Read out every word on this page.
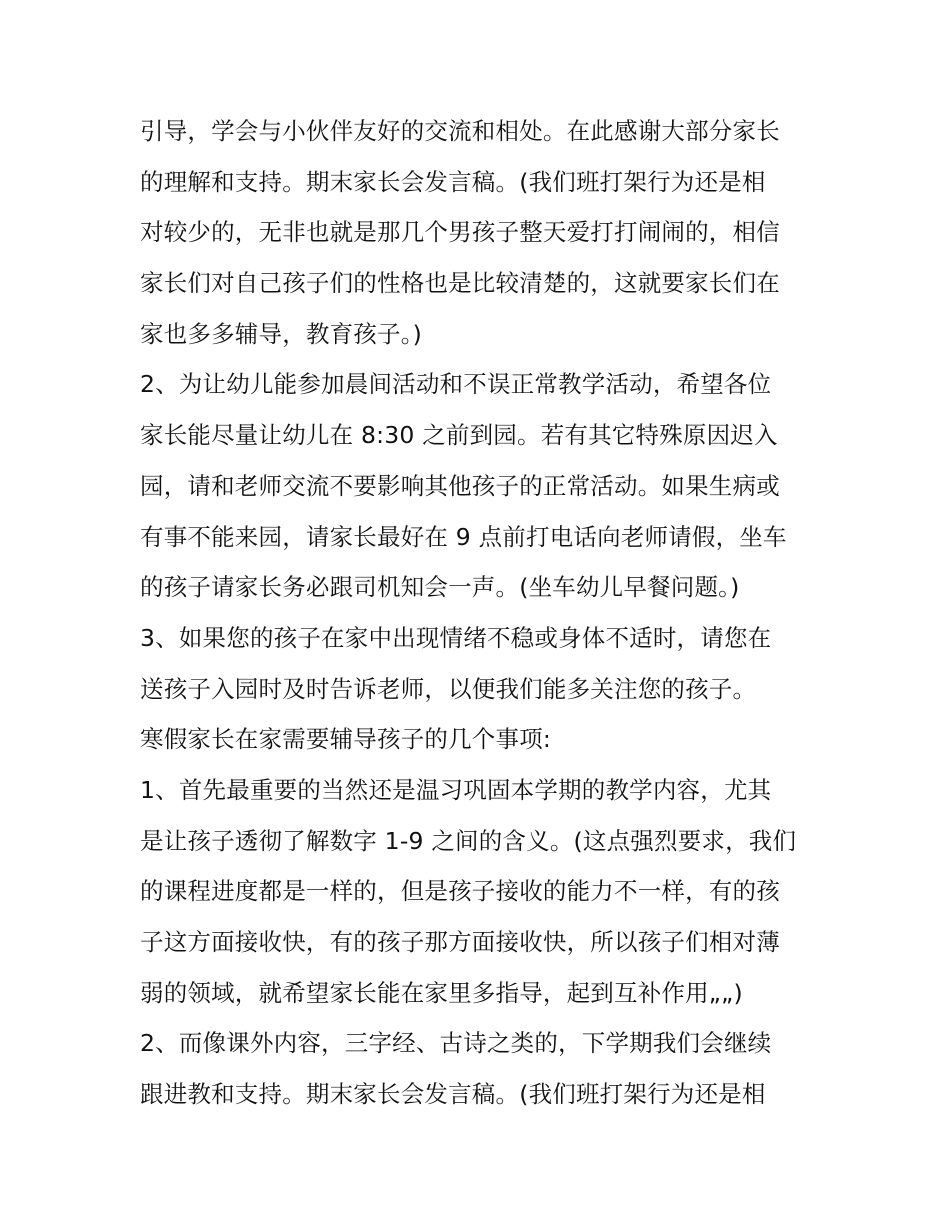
引导，学会与小伙伴友好的交流和相处。在此感谢大部分家长

的理解和支持。期末家长会发言稿。(我们班打架行为还是相

对较少的，无非也就是那几个男孩子整天爱打打闹闹的，相信

家长们对自己孩子们的性格也是比较清楚的，这就要家长们在

家也多多辅导，教育孩子。)

2、为让幼儿能参加晨间活动和不误正常教学活动，希望各位

家长能尽量让幼儿在 8:30 之前到园。若有其它特殊原因迟入

园，请和老师交流不要影响其他孩子的正常活动。如果生病或

有事不能来园，请家长最好在 9 点前打电话向老师请假，坐车

的孩子请家长务必跟司机知会一声。(坐车幼儿早餐问题。)

3、如果您的孩子在家中出现情绪不稳或身体不适时，请您在

送孩子入园时及时告诉老师，以便我们能多关注您的孩子。

寒假家长在家需要辅导孩子的几个事项:

1、首先最重要的当然还是温习巩固本学期的教学内容，尤其

是让孩子透彻了解数字 1-9 之间的含义。(这点强烈要求，我们

的课程进度都是一样的，但是孩子接收的能力不一样，有的孩

子这方面接收快，有的孩子那方面接收快，所以孩子们相对薄

弱的领域，就希望家长能在家里多指导，起到互补作用„„)

2、而像课外内容，三字经、古诗之类的，下学期我们会继续

跟进教和支持。期末家长会发言稿。(我们班打架行为还是相
